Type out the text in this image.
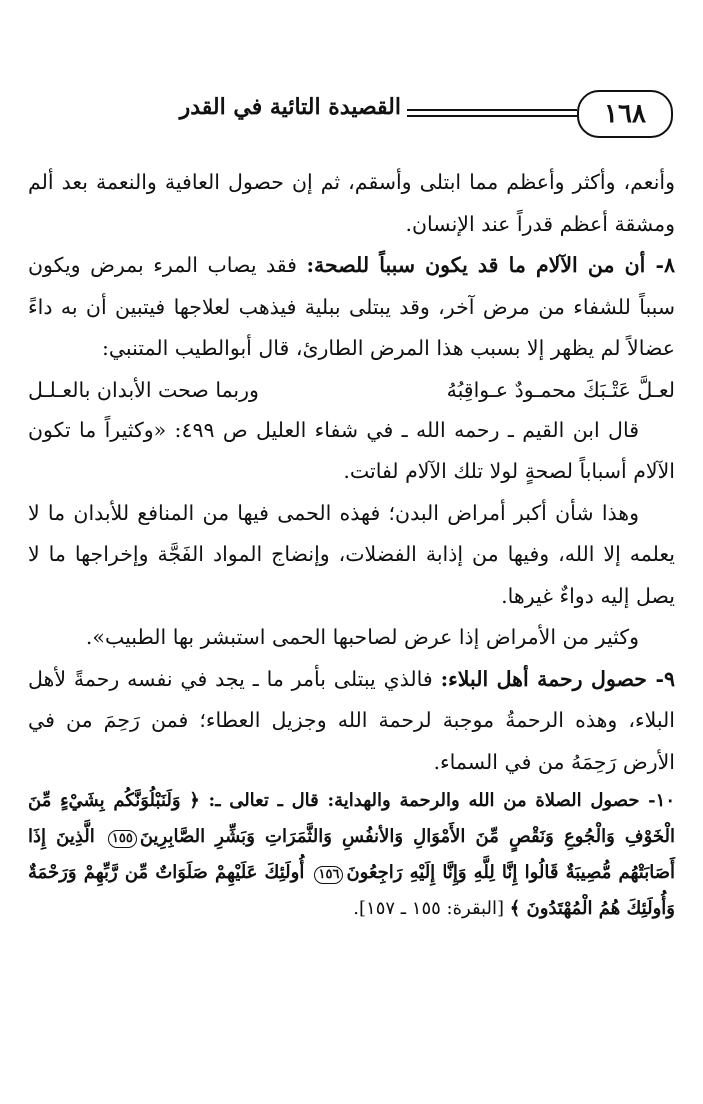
١٦٨
القصيدة التائية في القدر

وأنعم، وأكثر وأعظم مما ابتلى وأسقم، ثم إن حصول العافية والنعمة بعد ألم ومشقة أعظم قدراً عند الإنسان.

٨- أن من الآلام ما قد يكون سبباً للصحة: فقد يصاب المرء بمرض ويكون سبباً للشفاء من مرض آخر، وقد يبتلى ببلية فيذهب لعلاجها فيتبين أن به داءً عضالاً لم يظهر إلا بسبب هذا المرض الطارئ، قال أبوالطيب المتنبي:

لعـلَّ عَتْـبَكَ محمـودٌ عـواقِبُهُ
وربما صحت الأبدان بالعـلـل

قال ابن القيم ـ رحمه الله ـ في شفاء العليل ص ٤٩٩: «وكثيراً ما تكون الآلام أسباباً لصحةٍ لولا تلك الآلام لفاتت.

وهذا شأن أكبر أمراض البدن؛ فهذه الحمى فيها من المنافع للأبدان ما لا يعلمه إلا الله، وفيها من إذابة الفضلات، وإنضاج المواد الفَجَّة وإخراجها ما لا يصل إليه دواءٌ غيرها.

وكثير من الأمراض إذا عرض لصاحبها الحمى استبشر بها الطبيب».

٩- حصول رحمة أهل البلاء: فالذي يبتلى بأمر ما ـ يجد في نفسه رحمةً لأهل البلاء، وهذه الرحمةُ موجبة لرحمة الله وجزيل العطاء؛ فمن رَحِمَ من في الأرض رَحِمَهُ من في السماء.

١٠- حصول الصلاة من الله والرحمة والهداية: قال ـ تعالى ـ: ﴿ وَلَنَبْلُوَنَّكُم بِشَيْءٍ مِّنَ الْخَوْفِ وَالْجُوعِ وَنَقْصٍ مِّنَ الأَمْوَالِ وَالأنفُسِ وَالثَّمَرَاتِ وَبَشِّرِ الصَّابِرِينَ١٥٥ الَّذِينَ إِذَا أَصَابَتْهُم مُّصِيبَةٌ قَالُوا إِنَّا لِلَّهِ وَإِنَّا إِلَيْهِ رَاجِعُونَ١٥٦ أُولَئِكَ عَلَيْهِمْ صَلَوَاتٌ مِّن رَّبِّهِمْ وَرَحْمَةٌ وَأُولَئِكَ هُمُ الْمُهْتَدُونَ ﴾ [البقرة: ١٥٥ ـ ١٥٧].
